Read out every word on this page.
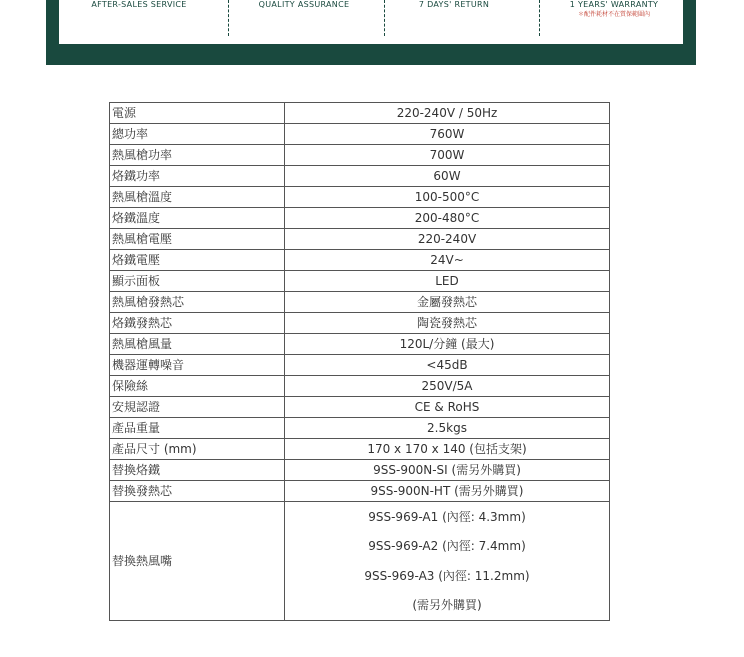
AFTER-SALES SERVICE	QUALITY ASSURANCE	7 DAYS' RETURN	1 YEARS' WARRANTY
＊配件耗材不在質保範圍內
電源	220-240V / 50Hz
總功率	760W
熱風槍功率	700W
烙鐵功率	60W
熱風槍溫度	100-500°C
烙鐵溫度	200-480°C
熱風槍電壓	220-240V
烙鐵電壓	24V~
顯示面板	LED
熱風槍發熱芯	金屬發熱芯
烙鐵發熱芯	陶瓷發熱芯
熱風槍風量	120L/分鐘 (最大)
機器運轉噪音	<45dB
保險絲	250V/5A
安規認證	CE & RoHS
產品重量	2.5kgs
產品尺寸 (mm)	170 x 170 x 140 (包括支架)
替換烙鐵	9SS-900N-SI (需另外購買)
替換發熱芯	9SS-900N-HT (需另外購買)
替換熱風嘴	9SS-969-A1 (內徑: 4.3mm)
9SS-969-A2 (內徑: 7.4mm)
9SS-969-A3 (內徑: 11.2mm)
(需另外購買)
